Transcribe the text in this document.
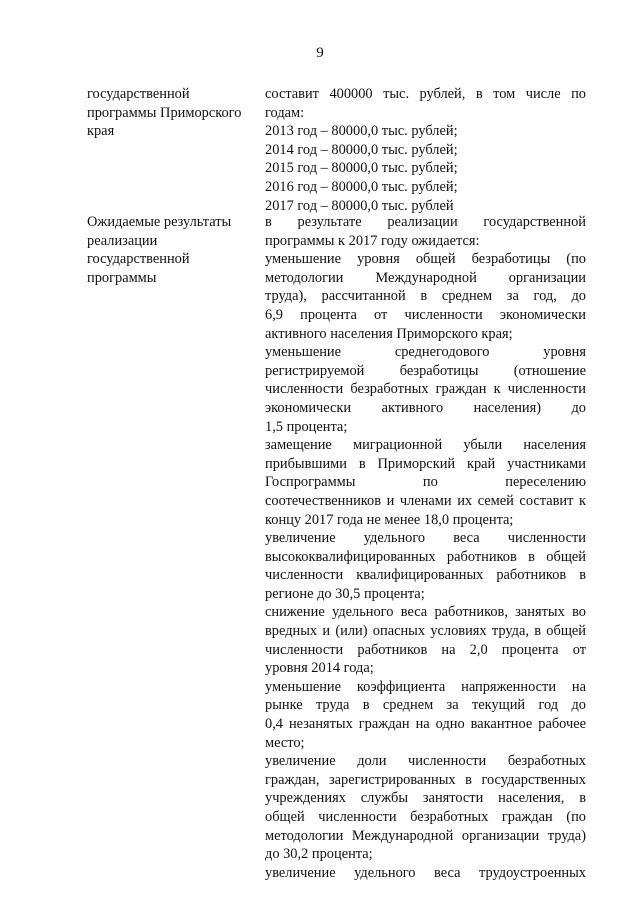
9
государственной
программы Приморского
края
составит 400000 тыс. рублей, в том числе по
годам:
2013 год – 80000,0 тыс. рублей;
2014 год – 80000,0 тыс. рублей;
2015 год – 80000,0 тыс. рублей;
2016 год – 80000,0 тыс. рублей;
2017 год – 80000,0 тыс. рублей
Ожидаемые результаты
реализации
государственной
программы
в результате реализации государственной
программы к 2017 году ожидается:
уменьшение уровня общей безработицы (по
методологии Международной организации
труда), рассчитанной в среднем за год, до
6,9 процента от численности экономически
активного населения Приморского края;
уменьшение среднегодового уровня
регистрируемой безработицы (отношение
численности безработных граждан к численности
экономически активного населения) до
1,5 процента;
замещение миграционной убыли населения
прибывшими в Приморский край участниками
Госпрограммы по переселению
соотечественников и членами их семей составит к
концу 2017 года не менее 18,0 процента;
увеличение удельного веса численности
высококвалифицированных работников в общей
численности квалифицированных работников в
регионе до 30,5 процента;
снижение удельного веса работников, занятых во
вредных и (или) опасных условиях труда, в общей
численности работников на 2,0 процента от
уровня 2014 года;
уменьшение коэффициента напряженности на
рынке труда в среднем за текущий год до
0,4 незанятых граждан на одно вакантное рабочее
место;
увеличение доли численности безработных
граждан, зарегистрированных в государственных
учреждениях службы занятости населения, в
общей численности безработных граждан (по
методологии Международной организации труда)
до 30,2 процента;
увеличение удельного веса трудоустроенных
